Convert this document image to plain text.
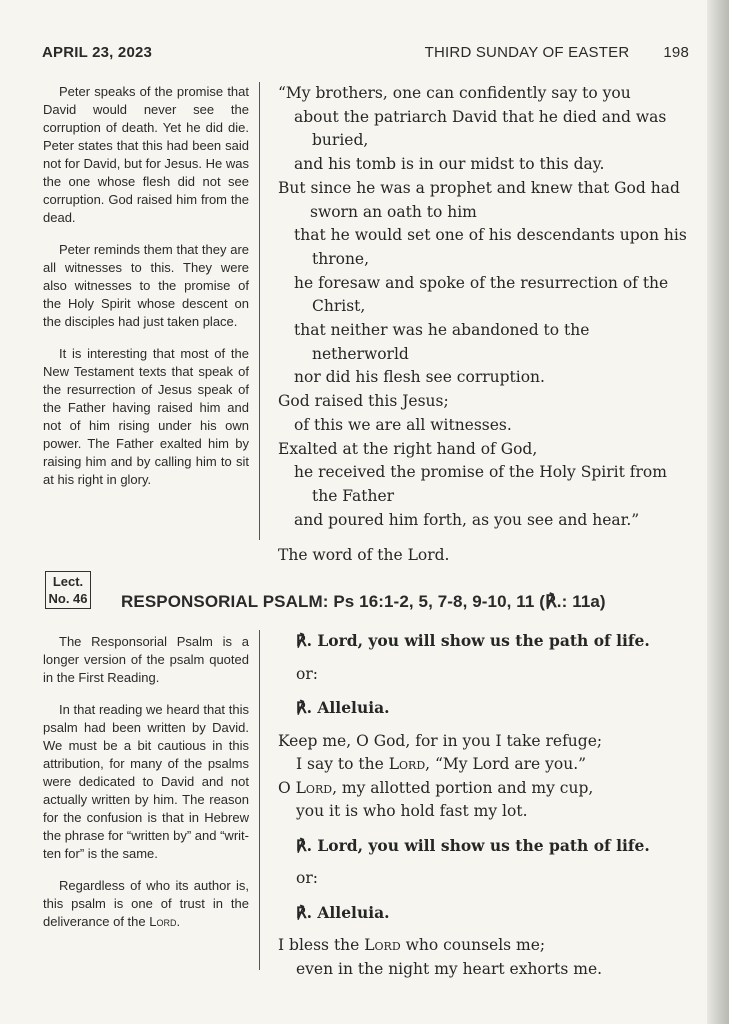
APRIL 23, 2023	THIRD SUNDAY OF EASTER 198

Peter speaks of the promise that David would never see the corruption of death. Yet he did die. Peter states that this had been said not for David, but for Jesus. He was the one whose flesh did not see corruption. God raised him from the dead.

Peter reminds them that they are all witnesses to this. They were also witnesses to the promise of the Holy Spirit whose descent on the disciples had just taken place.

It is interesting that most of the New Testament texts that speak of the resurrection of Jesus speak of the Father having raised him and not of him rising under his own power. The Father exalted him by raising him and by calling him to sit at his right in glory.

“My brothers, one can confidently say to you
about the patriarch David that he died and was buried,
and his tomb is in our midst to this day.
But since he was a prophet and knew that God had sworn an oath to him
that he would set one of his descendants upon his throne,
he foresaw and spoke of the resurrection of the Christ,
that neither was he abandoned to the netherworld
nor did his flesh see corruption.
God raised this Jesus;
of this we are all witnesses.
Exalted at the right hand of God,
he received the promise of the Holy Spirit from the Father
and poured him forth, as you see and hear.”
The word of the Lord.
Lect.
No. 46 RESPONSORIAL PSALM: Ps 16:1-2, 5, 7-8, 9-10, 11 (℟.: 11a)

The Responsorial Psalm is a longer version of the psalm quoted in the First Reading.

In that reading we heard that this psalm had been written by David. We must be a bit cautious in this attribution, for many of the psalms were dedicated to David and not actually written by him. The reason for the confusion is that in Hebrew the phrase for “written by” and “written for” is the same.

Regardless of who its author is, this psalm is one of trust in the deliverance of the Lord.

℟. Lord, you will show us the path of life.
or:
℟. Alleluia.
Keep me, O God, for in you I take refuge;
I say to the Lord, “My Lord are you.”
O Lord, my allotted portion and my cup,
you it is who hold fast my lot.
℟. Lord, you will show us the path of life.
or:
℟. Alleluia.
I bless the Lord who counsels me;
even in the night my heart exhorts me.
